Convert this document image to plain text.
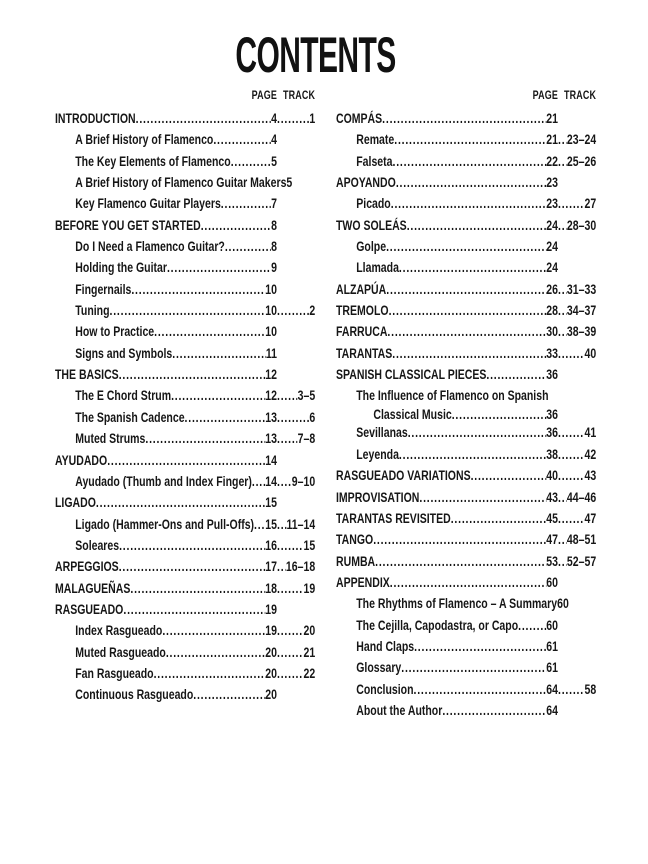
CONTENTS
PAGE TRACK
INTRODUCTION .....	4 ..... 1
A Brief History of Flamenco .....	4
The Key Elements of Flamenco .....	5
A Brief History of Flamenco Guitar Makers 5
Key Flamenco Guitar Players .....	7
BEFORE YOU GET STARTED .....	8
Do I Need a Flamenco Guitar? .....	8
Holding the Guitar .....	9
Fingernails .....	10
Tuning .....	10 ..... 2
How to Practice .....	10
Signs and Symbols .....	11
THE BASICS .....	12
The E Chord Strum .....	12 ..... 3–5
The Spanish Cadence .....	13 ..... 6
Muted Strums .....	13 ..... 7–8
AYUDADO .....	14
Ayudado (Thumb and Index Finger) ..... 14 ..... 9–10
LIGADO .....	15
Ligado (Hammer-Ons and Pull-Offs) ..... 15 ..... 11–14
Soleares .....	16 ..... 15
ARPEGGIOS .....	17 ..... 16–18
MALAGUEÑAS .....	18 ..... 19
RASGUEADO .....	19
Index Rasgueado .....	19 ..... 20
Muted Rasgueado .....	20 ..... 21
Fan Rasgueado .....	20 ..... 22
Continuous Rasgueado .....	20
PAGE TRACK
COMPÁS .....	21
Remate .....	21 ..... 23–24
Falseta .....	22 ..... 25–26
APOYANDO .....	23
Picado .....	23 ..... 27
TWO SOLEÁS .....	24 ..... 28–30
Golpe .....	24
Llamada .....	24
ALZAPÚA .....	26 ..... 31–33
TREMOLO .....	28 ..... 34–37
FARRUCA .....	30 ..... 38–39
TARANTAS .....	33 ..... 40
SPANISH CLASSICAL PIECES .....	36
The Influence of Flamenco on Spanish
Classical Music .....	36
Sevillanas .....	36 ..... 41
Leyenda .....	38 ..... 42
RASGUEADO VARIATIONS .....	40 ..... 43
IMPROVISATION .....	43 ..... 44–46
TARANTAS REVISITED .....	45 ..... 47
TANGO .....	47 ..... 48–51
RUMBA .....	53 ..... 52–57
APPENDIX .....	60
The Rhythms of Flamenco – A Summary 60
The Cejilla, Capodastra, or Capo ..... 60
Hand Claps .....	61
Glossary .....	61
Conclusion .....	64 ..... 58
About the Author .....	64
